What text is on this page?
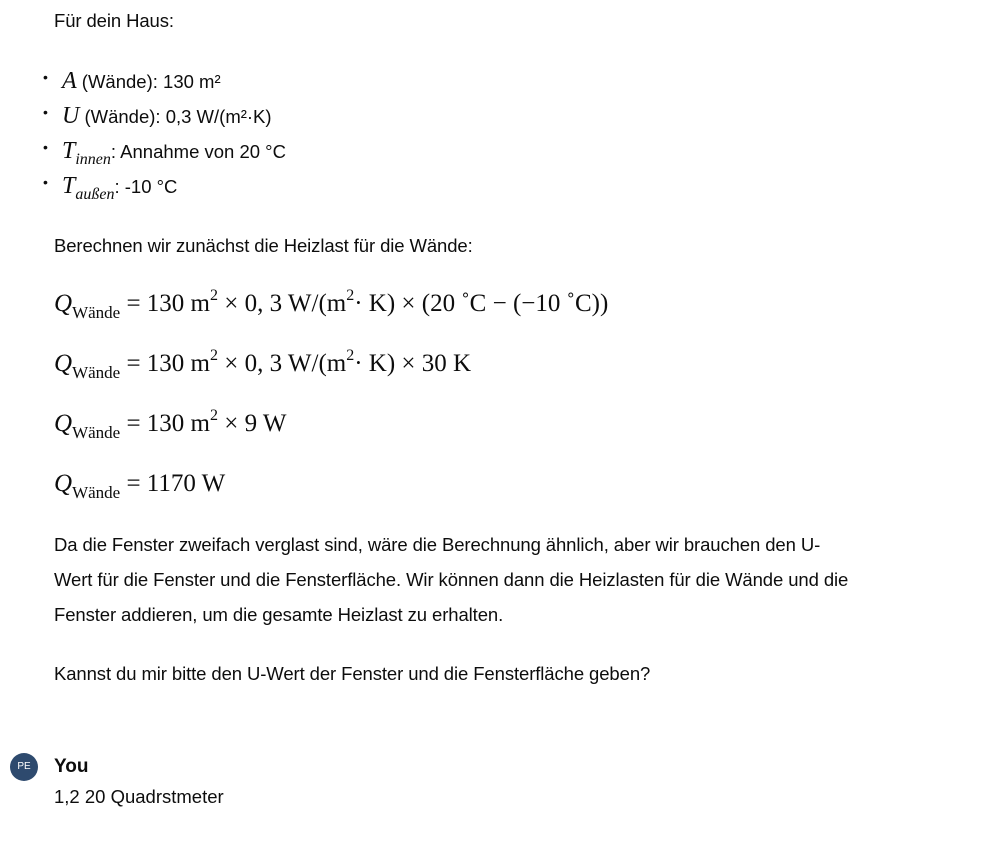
Für dein Haus:

• A (Wände): 130 m²
• U (Wände): 0,3 W/(m²·K)
• Tinnen: Annahme von 20 °C
• Taußen: -10 °C

Berechnen wir zunächst die Heizlast für die Wände:

$Q_{Wände} = 130$ $m^2 \times 0$, 3 $W/(m^2\cdot K) \times (20$ ˚C − (−10 ˚C))
$Q_{Wände} = 130$ $m^2 \times 0$, 3 $W/(m^2\cdot K) \times 30$ K
$Q_{Wände} = 130$ $m^2 \times 9$ W
$Q_{Wände} = 1170$ W

Da die Fenster zweifach verglast sind, wäre die Berechnung ähnlich, aber wir brauchen den U-

Wert für die Fenster und die Fensterfläche. Wir können dann die Heizlasten für die Wände und die

Fenster addieren, um die gesamte Heizlast zu erhalten.

Kannst du mir bitte den U-Wert der Fenster und die Fensterfläche geben?

PE	You

1,2 20 Quadrstmeter
